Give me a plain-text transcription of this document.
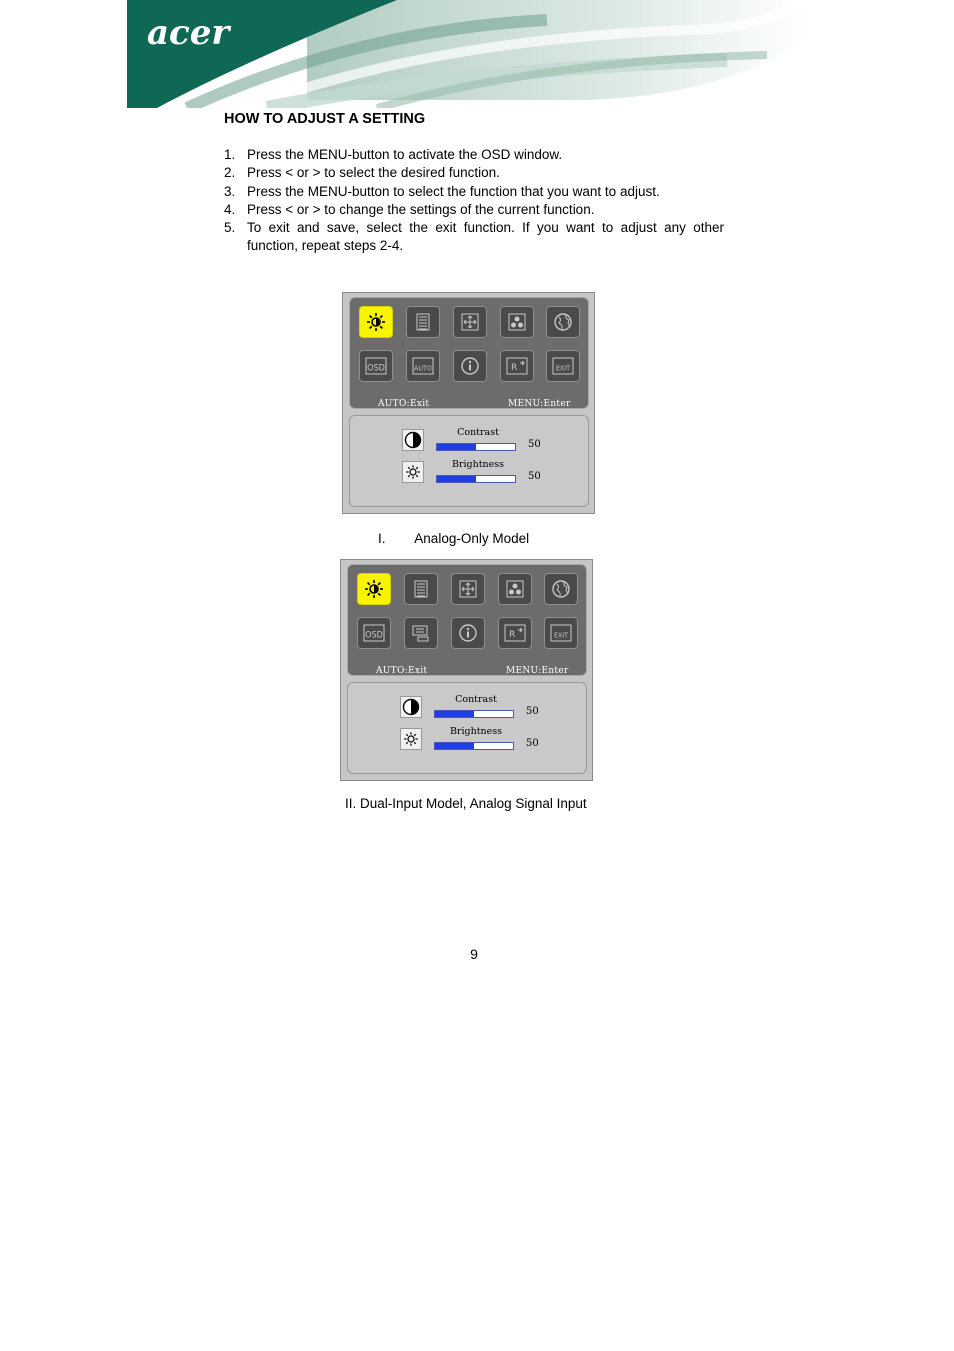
acer
HOW TO ADJUST A SETTING
1. Press the MENU-button to activate the OSD window.
2. Press < or > to select the desired function.
3. Press the MENU-button to select the function that you want to adjust.
4. Press < or > to change the settings of the current function.
5. To exit and save, select the exit function. If you want to adjust any other function, repeat steps 2-4.
OSD	AUTO	R	EXIT
AUTO:Exit	MENU:Enter
Contrast
50
Brightness
50
I. Analog-Only Model
OSD	R	EXIT
AUTO:Exit	MENU:Enter
Contrast
50
Brightness
50
II. Dual-Input Model, Analog Signal Input
9
